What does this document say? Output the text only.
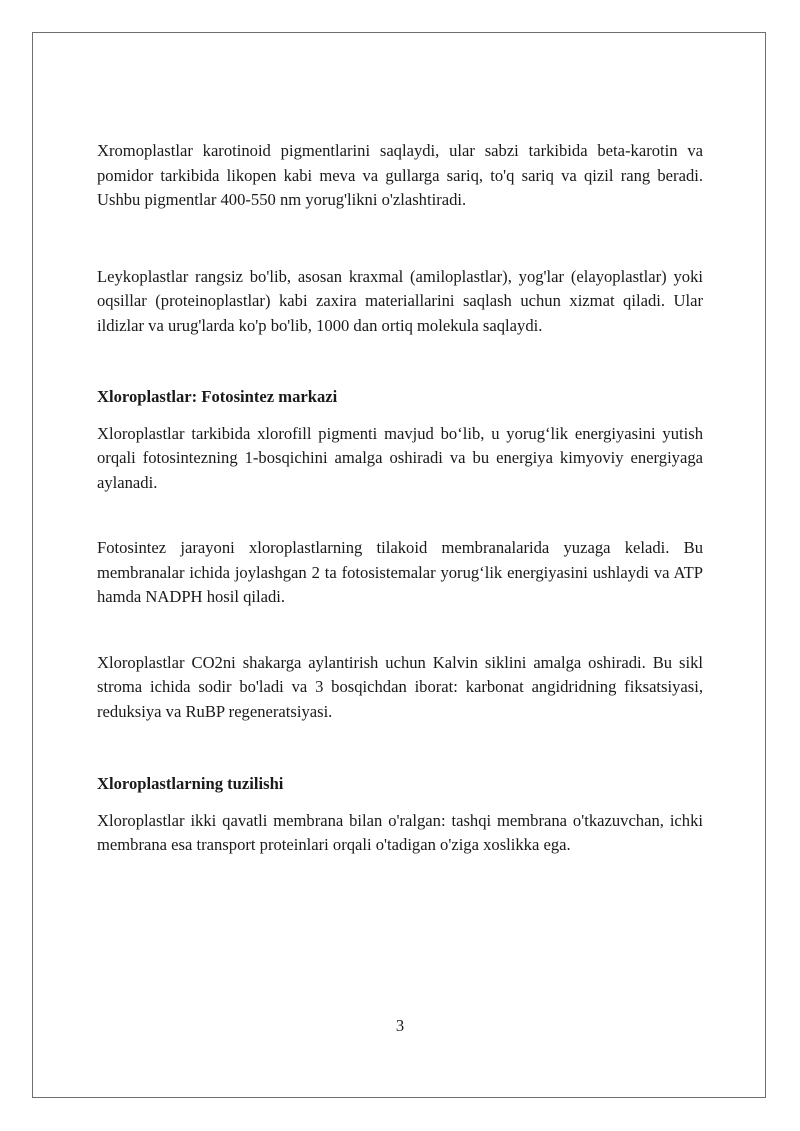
Xromoplastlar karotinoid pigmentlarini saqlaydi, ular sabzi tarkibida beta-karotin va pomidor tarkibida likopen kabi meva va gullarga sariq, to'q sariq va qizil rang beradi. Ushbu pigmentlar 400-550 nm yorug'likni o'zlashtiradi.

Leykoplastlar rangsiz bo'lib, asosan kraxmal (amiloplastlar), yog'lar (elayoplastlar) yoki oqsillar (proteinoplastlar) kabi zaxira materiallarini saqlash uchun xizmat qiladi. Ular ildizlar va urug'larda ko'p bo'lib, 1000 dan ortiq molekula saqlaydi.

Xloroplastlar: Fotosintez markazi

Xloroplastlar tarkibida xlorofill pigmenti mavjud bo‘lib, u yorug‘lik energiyasini yutish orqali fotosintezning 1-bosqichini amalga oshiradi va bu energiya kimyoviy energiyaga aylanadi.

Fotosintez jarayoni xloroplastlarning tilakoid membranalarida yuzaga keladi. Bu membranalar ichida joylashgan 2 ta fotosistemalar yorug‘lik energiyasini ushlaydi va ATP hamda NADPH hosil qiladi.

Xloroplastlar CO2ni shakarga aylantirish uchun Kalvin siklini amalga oshiradi. Bu sikl stroma ichida sodir bo'ladi va 3 bosqichdan iborat: karbonat angidridning fiksatsiyasi, reduksiya va RuBP regeneratsiyasi.

Xloroplastlarning tuzilishi

Xloroplastlar ikki qavatli membrana bilan o'ralgan: tashqi membrana o'tkazuvchan, ichki membrana esa transport proteinlari orqali o'tadigan o'ziga xoslikka ega.

3
